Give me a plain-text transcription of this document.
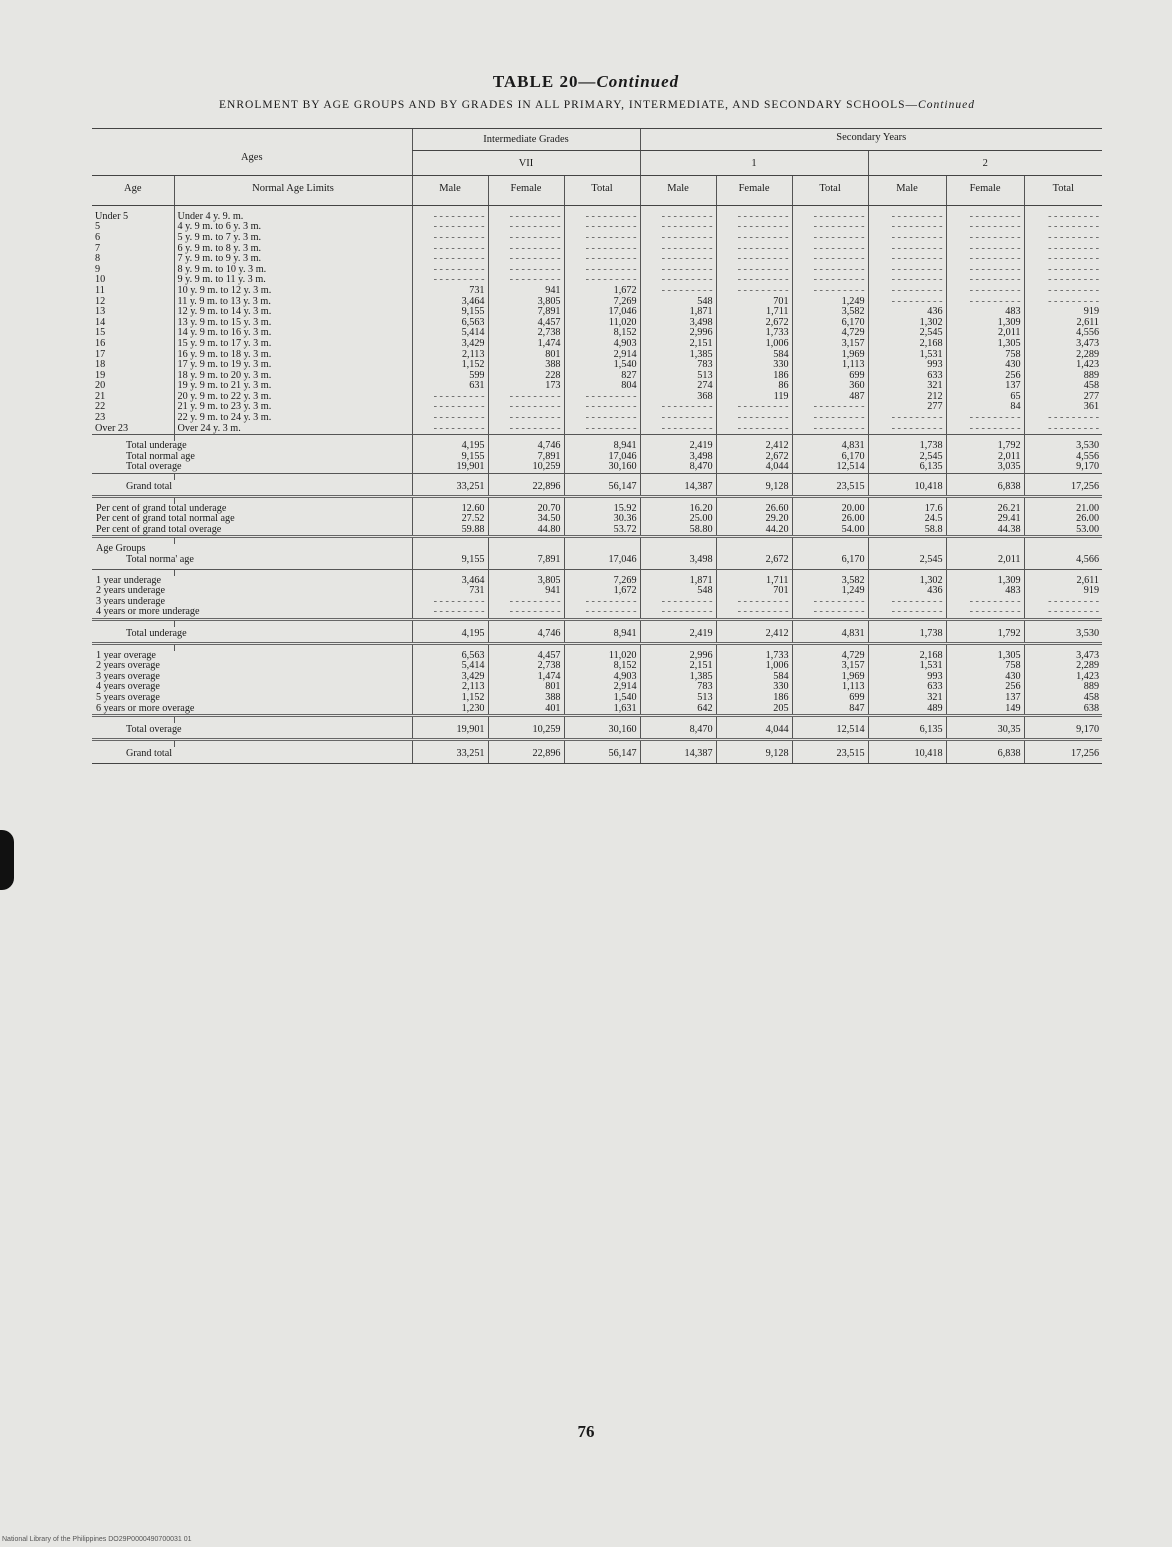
TABLE 20—Continued
ENROLMENT BY AGE GROUPS AND BY GRADES IN ALL PRIMARY, INTERMEDIATE, AND SECONDARY SCHOOLS—Continued
Ages		Intermediate Grades			Secondary Years					
		VII			1			2		
Age	Normal Age Limits	Male	Female	Total	Male	Female	Total	Male	Female	Total

Under 5	Under 4 y. 9. m.	- - - - - - - - -	- - - - - - - - -	- - - - - - - - -	- - - - - - - - -	- - - - - - - - -	- - - - - - - - -	- - - - - - - - -	- - - - - - - - -	- - - - - - - - -
5	4 y. 9 m. to 6 y. 3 m.	- - - - - - - - -	- - - - - - - - -	- - - - - - - - -	- - - - - - - - -	- - - - - - - - -	- - - - - - - - -	- - - - - - - - -	- - - - - - - - -	- - - - - - - - -
6	5 y. 9 m. to 7 y. 3 m.	- - - - - - - - -	- - - - - - - - -	- - - - - - - - -	- - - - - - - - -	- - - - - - - - -	- - - - - - - - -	- - - - - - - - -	- - - - - - - - -	- - - - - - - - -
7	6 y. 9 m. to 8 y. 3 m.	- - - - - - - - -	- - - - - - - - -	- - - - - - - - -	- - - - - - - - -	- - - - - - - - -	- - - - - - - - -	- - - - - - - - -	- - - - - - - - -	- - - - - - - - -
8	7 y. 9 m. to 9 y. 3 m.	- - - - - - - - -	- - - - - - - - -	- - - - - - - - -	- - - - - - - - -	- - - - - - - - -	- - - - - - - - -	- - - - - - - - -	- - - - - - - - -	- - - - - - - - -
9	8 y. 9 m. to 10 y. 3 m.	- - - - - - - - -	- - - - - - - - -	- - - - - - - - -	- - - - - - - - -	- - - - - - - - -	- - - - - - - - -	- - - - - - - - -	- - - - - - - - -	- - - - - - - - -
10	9 y. 9 m. to 11 y. 3 m.	- - - - - - - - -	- - - - - - - - -	- - - - - - - - -	- - - - - - - - -	- - - - - - - - -	- - - - - - - - -	- - - - - - - - -	- - - - - - - - -	- - - - - - - - -
11	10 y. 9 m. to 12 y. 3 m.	731	941	1,672	- - - - - - - - -	- - - - - - - - -	- - - - - - - - -	- - - - - - - - -	- - - - - - - - -	- - - - - - - - -
12	11 y. 9 m. to 13 y. 3 m.	3,464	3,805	7,269	548	701	1,249	- - - - - - - - -	- - - - - - - - -	- - - - - - - - -
13	12 y. 9 m. to 14 y. 3 m.	9,155	7,891	17,046	1,871	1,711	3,582	436	483	919
14	13 y. 9 m. to 15 y. 3 m.	6,563	4,457	11,020	3,498	2,672	6,170	1,302	1,309	2,611
15	14 y. 9 m. to 16 y. 3 m.	5,414	2,738	8,152	2,996	1,733	4,729	2,545	2,011	4,556
16	15 y. 9 m. to 17 y. 3 m.	3,429	1,474	4,903	2,151	1,006	3,157	2,168	1,305	3,473
17	16 y. 9 m. to 18 y. 3 m.	2,113	801	2,914	1,385	584	1,969	1,531	758	2,289
18	17 y. 9 m. to 19 y. 3 m.	1,152	388	1,540	783	330	1,113	993	430	1,423
19	18 y. 9 m. to 20 y. 3 m.	599	228	827	513	186	699	633	256	889
20	19 y. 9 m. to 21 y. 3 m.	631	173	804	274	86	360	321	137	458
21	20 y. 9 m. to 22 y. 3 m.	- - - - - - - - -	- - - - - - - - -	- - - - - - - - -	368	119	487	212	65	277
22	21 y. 9 m. to 23 y. 3 m.	- - - - - - - - -	- - - - - - - - -	- - - - - - - - -	- - - - - - - - -	- - - - - - - - -	- - - - - - - - -	277	84	361
23	22 y. 9 m. to 24 y. 3 m.	- - - - - - - - -	- - - - - - - - -	- - - - - - - - -	- - - - - - - - -	- - - - - - - - -	- - - - - - - - -	- - - - - - - - -	- - - - - - - - -	- - - - - - - - -
Over 23	Over 24 y. 3 m.	- - - - - - - - -	- - - - - - - - -	- - - - - - - - -	- - - - - - - - -	- - - - - - - - -	- - - - - - - - -	- - - - - - - - -	- - - - - - - - -	- - - - - - - - -

Total underage		4,195	4,746	8,941	2,419	2,412	4,831	1,738	1,792	3,530
Total normal age		9,155	7,891	17,046	3,498	2,672	6,170	2,545	2,011	4,556
Total overage		19,901	10,259	30,160	8,470	4,044	12,514	6,135	3,035	9,170

Grand total		33,251	22,896	56,147	14,387	9,128	23,515	10,418	6,838	17,256

Per cent of grand total underage		12.60	20.70	15.92	16.20	26.60	20.00	17.6	26.21	21.00
Per cent of grand total normal age		27.52	34.50	30.36	25.00	29.20	26.00	24.5	29.41	26.00
Per cent of grand total overage		59.88	44.80	53.72	58.80	44.20	54.00	58.8	44.38	53.00

Age Groups										
Total norma' age		9,155	7,891	17,046	3,498	2,672	6,170	2,545	2,011	4,566

1 year underage		3,464	3,805	7,269	1,871	1,711	3,582	1,302	1,309	2,611
2 years underage		731	941	1,672	548	701	1,249	436	483	919
3 years underage		- - - - - - - - -	- - - - - - - - -	- - - - - - - - -	- - - - - - - - -	- - - - - - - - -	- - - - - - - - -	- - - - - - - - -	- - - - - - - - -	- - - - - - - - -
4 years or more underage		- - - - - - - - -	- - - - - - - - -	- - - - - - - - -	- - - - - - - - -	- - - - - - - - -	- - - - - - - - -	- - - - - - - - -	- - - - - - - - -	- - - - - - - - -

Total underage		4,195	4,746	8,941	2,419	2,412	4,831	1,738	1,792	3,530

1 year overage		6,563	4,457	11,020	2,996	1,733	4,729	2,168	1,305	3,473
2 years overage		5,414	2,738	8,152	2,151	1,006	3,157	1,531	758	2,289
3 years overage		3,429	1,474	4,903	1,385	584	1,969	993	430	1,423
4 years overage		2,113	801	2,914	783	330	1,113	633	256	889
5 years overage		1,152	388	1,540	513	186	699	321	137	458
6 years or more overage		1,230	401	1,631	642	205	847	489	149	638

Total overage		19,901	10,259	30,160	8,470	4,044	12,514	6,135	30,35	9,170

Grand total		33,251	22,896	56,147	14,387	9,128	23,515	10,418	6,838	17,256
76
National Library of the Philippines DO29P0000490700031 01
